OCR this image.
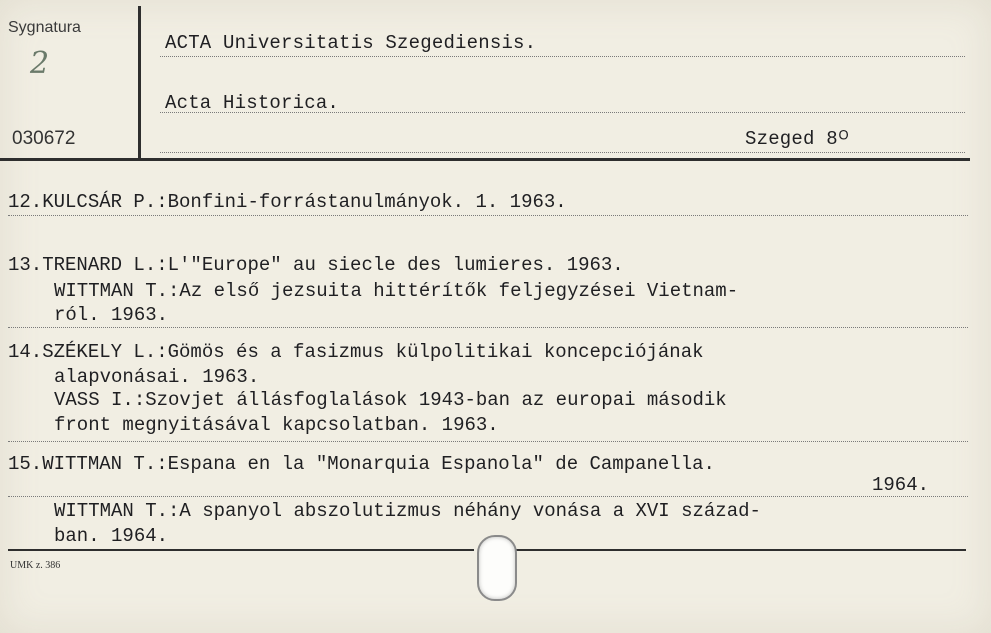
Sygnatura
2
030672
ACTA Universitatis Szegediensis.
Acta Historica.
Szeged 8ᴼ
12.KULCSÁR P.:Bonfini-forrástanulmányok. 1. 1963.
13.TRENARD L.:L'"Europe" au siecle des lumieres. 1963.
WITTMAN T.:Az első jezsuita hittérítők feljegyzései Vietnam-
ról. 1963.
14.SZÉKELY L.:Gömös és a fasizmus külpolitikai koncepciójának
alapvonásai. 1963.
VASS I.:Szovjet állásfoglalások 1943-ban az europai második
front megnyitásával kapcsolatban. 1963.
15.WITTMAN T.:Espana en la "Monarquia Espanola" de Campanella.
1964.
WITTMAN T.:A spanyol abszolutizmus néhány vonása a XVI század-
ban. 1964.
UMK z. 386
